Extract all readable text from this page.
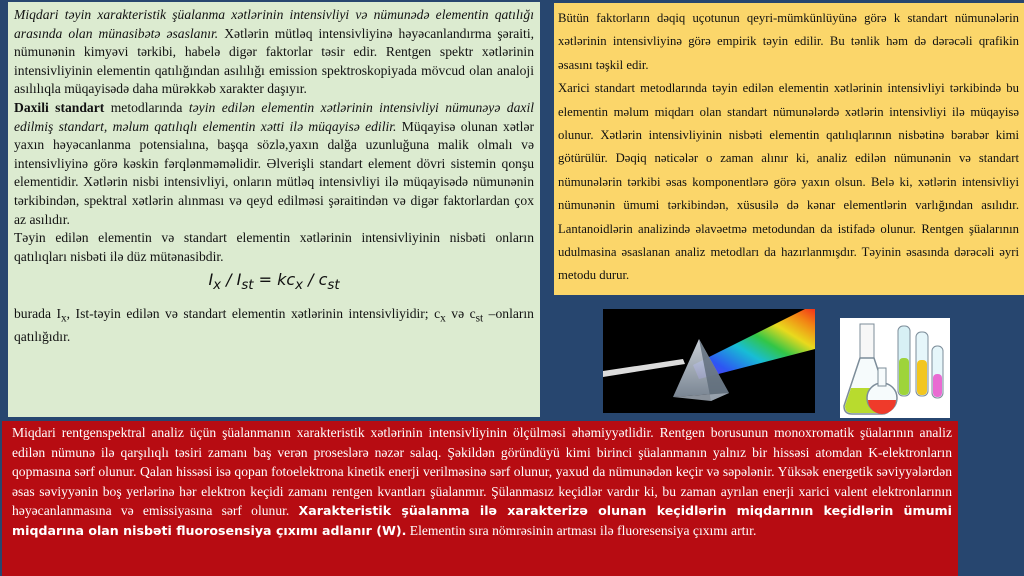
Miqdari təyin xarakteristik şüalanma xətlərinin intensivliyi və nümunədə elementin qatılığı arasında olan münasibətə əsaslanır. Xətlərin mütləq intensivliyinə həyəcanlandırma şəraiti, nümunənin kimyəvi tərkibi, habelə digər faktorlar təsir edir. Rentgen spektr xətlərinin intensivliyinin elementin qatılığından asılılığı emission spektroskopiyada mövcud olan analoji asılılıqla müqayisədə daha mürəkkəb xarakter daşıyır.

Daxili standart metodlarında təyin edilən elementin xətlərinin intensivliyi nümunəyə daxil edilmiş standart, məlum qatılıqlı elementin xətti ilə müqayisə edilir. Müqayisə olunan xətlər yaxın həyəcanlanma potensialına, başqa sözlə,yaxın dalğa uzunluğuna malik olmalı və intensivliyinə görə kəskin fərqlənməməlidir. Əlverişli standart element dövri sistemin qonşu elementidir. Xətlərin nisbi intensivliyi, onların mütləq intensivliyi ilə müqayisədə nümunənin tərkibindən, spektral xətlərin alınması və qeyd edilməsi şəraitindən və digər faktorlardan çox az asılıdır.

Təyin edilən elementin və standart elementin xətlərinin intensivliyinin nisbəti onların qatılıqları nisbəti ilə düz mütənasibdir.

$I_x / I_{st} = kc_x / c_{st}$

burada $I_x$, Ist-təyin edilən və standart elementin xətlərinin intensivliyidir; $c_x$ və $c_{st}$ –onların qatılığıdır.

Bütün faktorların dəqiq uçotunun qeyri-mümkünlüyünə görə k standart nümunələrin xətlərinin intensivliyinə görə empirik təyin edilir. Bu tənlik həm də dərəcəli qrafikin əsasını təşkil edir.

Xarici standart metodlarında təyin edilən elementin xətlərinin intensivliyi tərkibində bu elementin məlum miqdarı olan standart nümunələrdə xətlərin intensivliyi ilə müqayisə olunur. Xətlərin intensivliyinin nisbəti elementin qatılıqlarının nisbətinə bərabər kimi götürülür. Dəqiq nəticələr o zaman alınır ki, analiz edilən nümunənin və standart nümunələrin tərkibi əsas komponentlərə görə yaxın olsun. Belə ki, xətlərin intensivliyi nümunənin ümumi tərkibindən, xüsusilə də kənar elementlərin varlığından asılıdır. Lantanoidlərin analizində əlavəetmə metodundan da istifadə olunur. Rentgen şüalarının udulmasina əsaslanan analiz metodları da hazırlanmışdır. Təyinin əsasında dərəcəli əyri metodu durur.

Miqdari rentgenspektral analiz üçün şüalanmanın xarakteristik xətlərinin intensivliyinin ölçülməsi əhəmiyyətlidir. Rentgen borusunun monoxromatik şüalarının analiz edilən nümunə ilə qarşılıqlı təsiri zamanı baş verən proseslərə nəzər salaq. Şəkildən göründüyü kimi birinci şüalanmanın yalnız bir hissəsi atomdan K-elektronların qopmasına sərf olunur. Qalan hissəsi isə qopan fotoelektrona kinetik enerji verilməsinə sərf olunur, yaxud da nümunədən keçir və səpələnir. Yüksək energetik səviyyələrdən əsas səviyyənin boş yerlərinə hər elektron keçidi zamanı rentgen kvantları şüalanmır. Şülanmasız keçidlər vardır ki, bu zaman ayrılan enerji xarici valent elektronlarının həyəcanlanmasına və emissiyasına sərf olunur. Xarakteristik şüalanma ilə xarakterizə olunan keçidlərin miqdarının keçidlərin ümumi miqdarına olan nisbəti fluorosensiya çıxımı adlanır (W). Elementin sıra nömrəsinin artması ilə fluoresensiya çıxımı artır.
